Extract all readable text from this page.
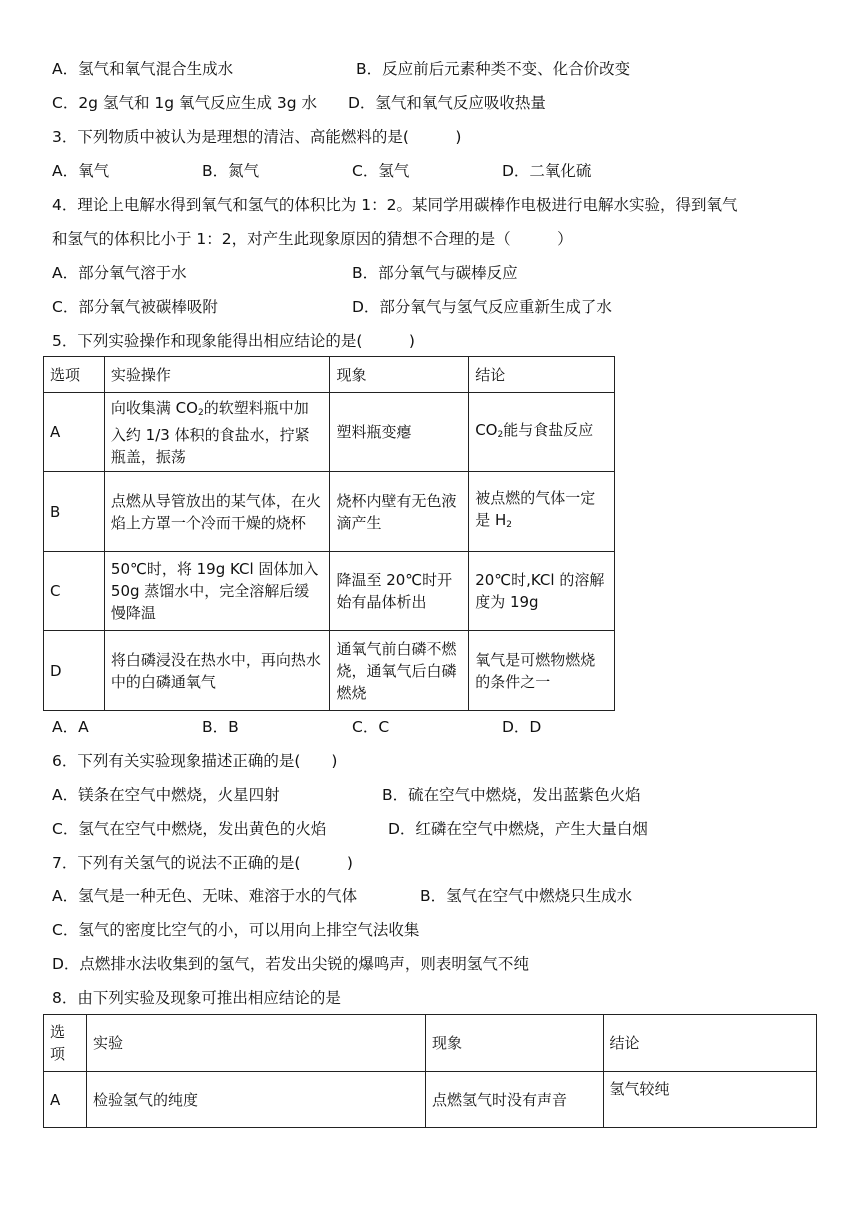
A．氢气和氧气混合生成水	B．反应前后元素种类不变、化合价改变
C．2g 氢气和 1g 氧气反应生成 3g 水 D．氢气和氧气反应吸收热量
3．下列物质中被认为是理想的清洁、高能燃料的是(　　　)
A．氧气	B．氮气	C．氢气	D．二氧化硫
4．理论上电解水得到氧气和氢气的体积比为 1：2。某同学用碳棒作电极进行电解水实验，得到氧气
和氢气的体积比小于 1：2，对产生此现象原因的猜想不合理的是（　　　）
A．部分氧气溶于水	B．部分氧气与碳棒反应
C．部分氧气被碳棒吸附	D．部分氧气与氢气反应重新生成了水
5．下列实验操作和现象能得出相应结论的是(　　　)
A．A	B．B	C．C	D．D
6．下列有关实验现象描述正确的是(　　)
A．镁条在空气中燃烧，火星四射	B．硫在空气中燃烧，发出蓝紫色火焰
C．氢气在空气中燃烧，发出黄色的火焰	D．红磷在空气中燃烧，产生大量白烟
7．下列有关氢气的说法不正确的是(　　　)
A．氢气是一种无色、无味、难溶于水的气体	B．氢气在空气中燃烧只生成水
C．氢气的密度比空气的小，可以用向上排空气法收集
D．点燃排水法收集到的氢气，若发出尖锐的爆鸣声，则表明氢气不纯
8．由下列实验及现象可推出相应结论的是
选项	实验操作	现象	结论
A	向收集满 $CO_2$的软塑料瓶中加入约 1/3 体积的食盐水，拧紧瓶盖，振荡	塑料瓶变瘪	$CO_2$能与食盐反应
B	点燃从导管放出的某气体，在火焰上方罩一个冷而干燥的烧杯	烧杯内壁有无色液滴产生	被点燃的气体一定是 $H_2$
C	50℃时，将 19g KCl 固体加入 50g 蒸馏水中，完全溶解后缓慢降温	降温至 20℃时开始有晶体析出	20℃时,KCl 的溶解度为 19g
D	将白磷浸没在热水中，再向热水中的白磷通氧气	通氧气前白磷不燃烧，通氧气后白磷燃烧	氧气是可燃物燃烧的条件之一
选项	实验	现象	结论
A	检验氢气的纯度	点燃氢气时没有声音	氢气较纯
